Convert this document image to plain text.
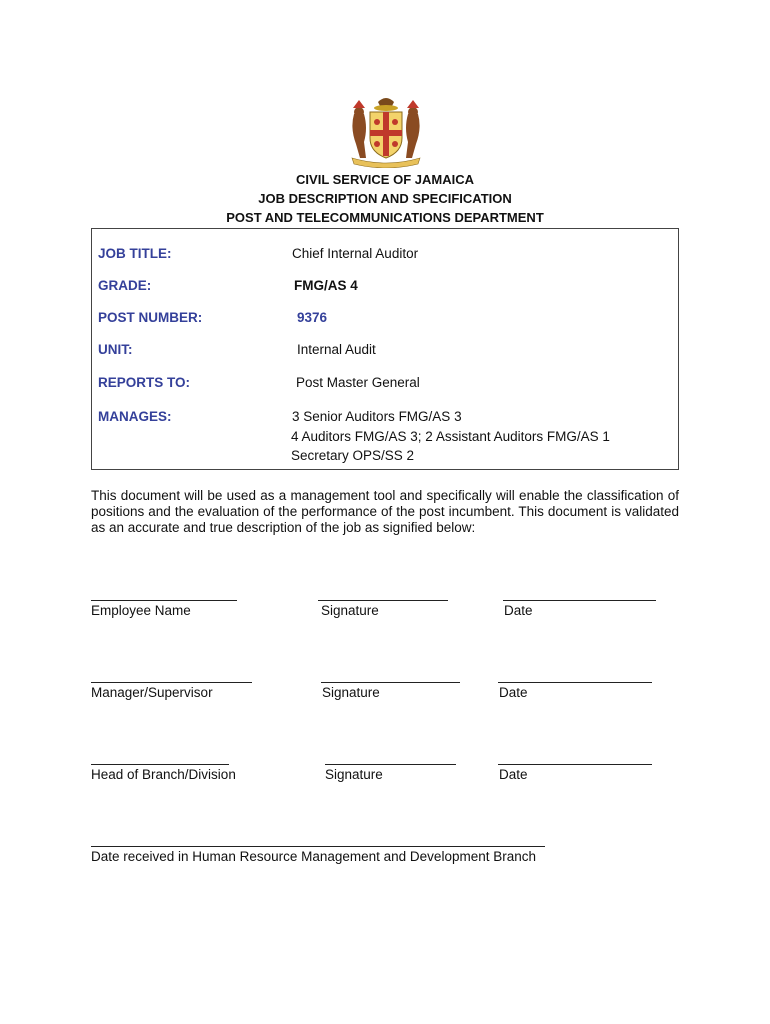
CIVIL SERVICE OF JAMAICA
JOB DESCRIPTION AND SPECIFICATION
POST AND TELECOMMUNICATIONS DEPARTMENT
JOB TITLE:	Chief Internal Auditor
GRADE:	FMG/AS 4
POST NUMBER:	9376
UNIT:	Internal Audit
REPORTS TO:	Post Master General
MANAGES:	3 Senior Auditors FMG/AS 3
4 Auditors FMG/AS 3; 2 Assistant Auditors FMG/AS 1
Secretary OPS/SS 2
This document will be used as a management tool and specifically will enable the classification of positions and the evaluation of the performance of the post incumbent. This document is validated as an accurate and true description of the job as signified below:
Employee Name	Signature	Date
Manager/Supervisor	Signature	Date
Head of Branch/Division	Signature	Date
Date received in Human Resource Management and Development Branch
